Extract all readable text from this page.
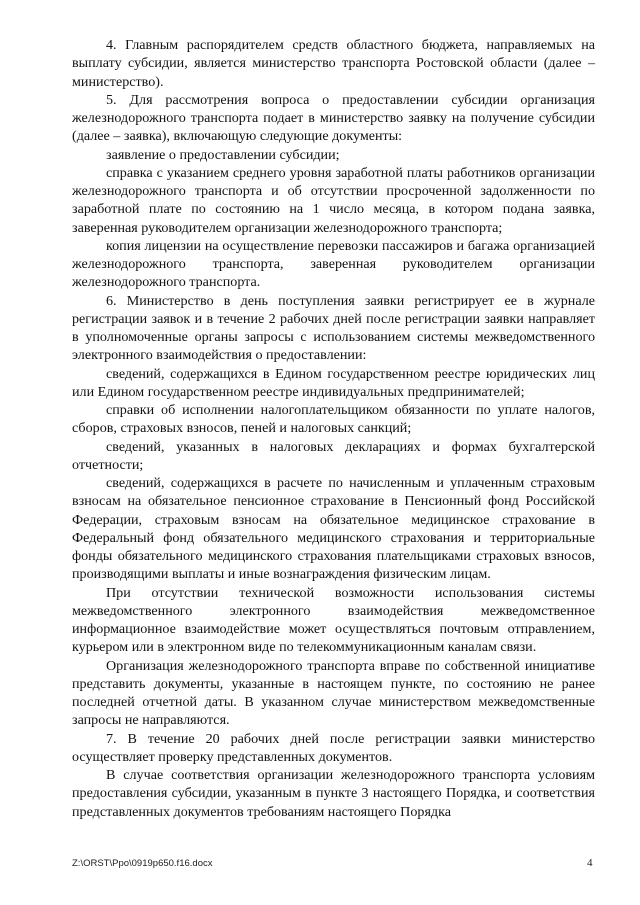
4. Главным распорядителем средств областного бюджета, направляемых на выплату субсидии, является министерство транспорта Ростовской области (далее – министерство).

5. Для рассмотрения вопроса о предоставлении субсидии организация железнодорожного транспорта подает в министерство заявку на получение субсидии (далее – заявка), включающую следующие документы:

заявление о предоставлении субсидии;

справка с указанием среднего уровня заработной платы работников организации железнодорожного транспорта и об отсутствии просроченной задолженности по заработной плате по состоянию на 1 число месяца, в котором подана заявка, заверенная руководителем организации железнодорожного транспорта;

копия лицензии на осуществление перевозки пассажиров и багажа организацией железнодорожного транспорта, заверенная руководителем организации железнодорожного транспорта.

6. Министерство в день поступления заявки регистрирует ее в журнале регистрации заявок и в течение 2 рабочих дней после регистрации заявки направляет в уполномоченные органы запросы с использованием системы межведомственного электронного взаимодействия о предоставлении:

сведений, содержащихся в Едином государственном реестре юридических лиц или Едином государственном реестре индивидуальных предпринимателей;

справки об исполнении налогоплательщиком обязанности по уплате налогов, сборов, страховых взносов, пеней и налоговых санкций;

сведений, указанных в налоговых декларациях и формах бухгалтерской отчетности;

сведений, содержащихся в расчете по начисленным и уплаченным страховым взносам на обязательное пенсионное страхование в Пенсионный фонд Российской Федерации, страховым взносам на обязательное медицинское страхование в Федеральный фонд обязательного медицинского страхования и территориальные фонды обязательного медицинского страхования плательщиками страховых взносов, производящими выплаты и иные вознаграждения физическим лицам.

При отсутствии технической возможности использования системы межведомственного электронного взаимодействия межведомственное информационное взаимодействие может осуществляться почтовым отправлением, курьером или в электронном виде по телекоммуникационным каналам связи.

Организация железнодорожного транспорта вправе по собственной инициативе представить документы, указанные в настоящем пункте, по состоянию не ранее последней отчетной даты. В указанном случае министерством межведомственные запросы не направляются.

7. В течение 20 рабочих дней после регистрации заявки министерство осуществляет проверку представленных документов.

В случае соответствия организации железнодорожного транспорта условиям предоставления субсидии, указанным в пункте 3 настоящего Порядка, и соответствия представленных документов требованиям настоящего Порядка

Z:\ORST\Ppo\0919p650.f16.docx	4
